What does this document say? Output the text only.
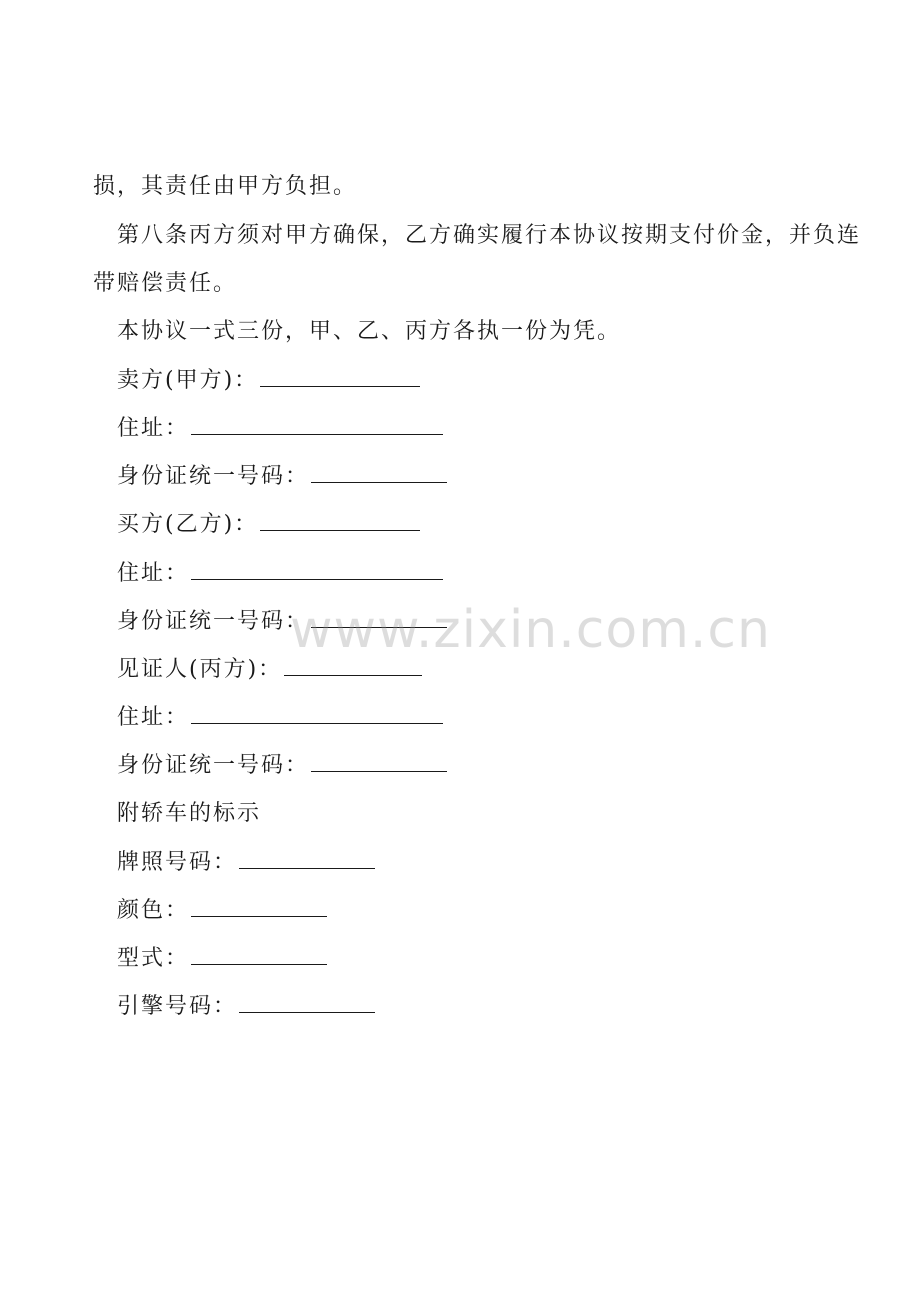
损，其责任由甲方负担。
第八条丙方须对甲方确保，乙方确实履行本协议按期支付价金，并负连
带赔偿责任。
本协议一式三份，甲、乙、丙方各执一份为凭。
卖方(甲方)：
住址：
身份证统一号码：
买方(乙方)：
住址：
身份证统一号码：
见证人(丙方)：
住址：
身份证统一号码：
附轿车的标示
牌照号码：
颜色：
型式：
引擎号码：
www.zixin.com.cn
